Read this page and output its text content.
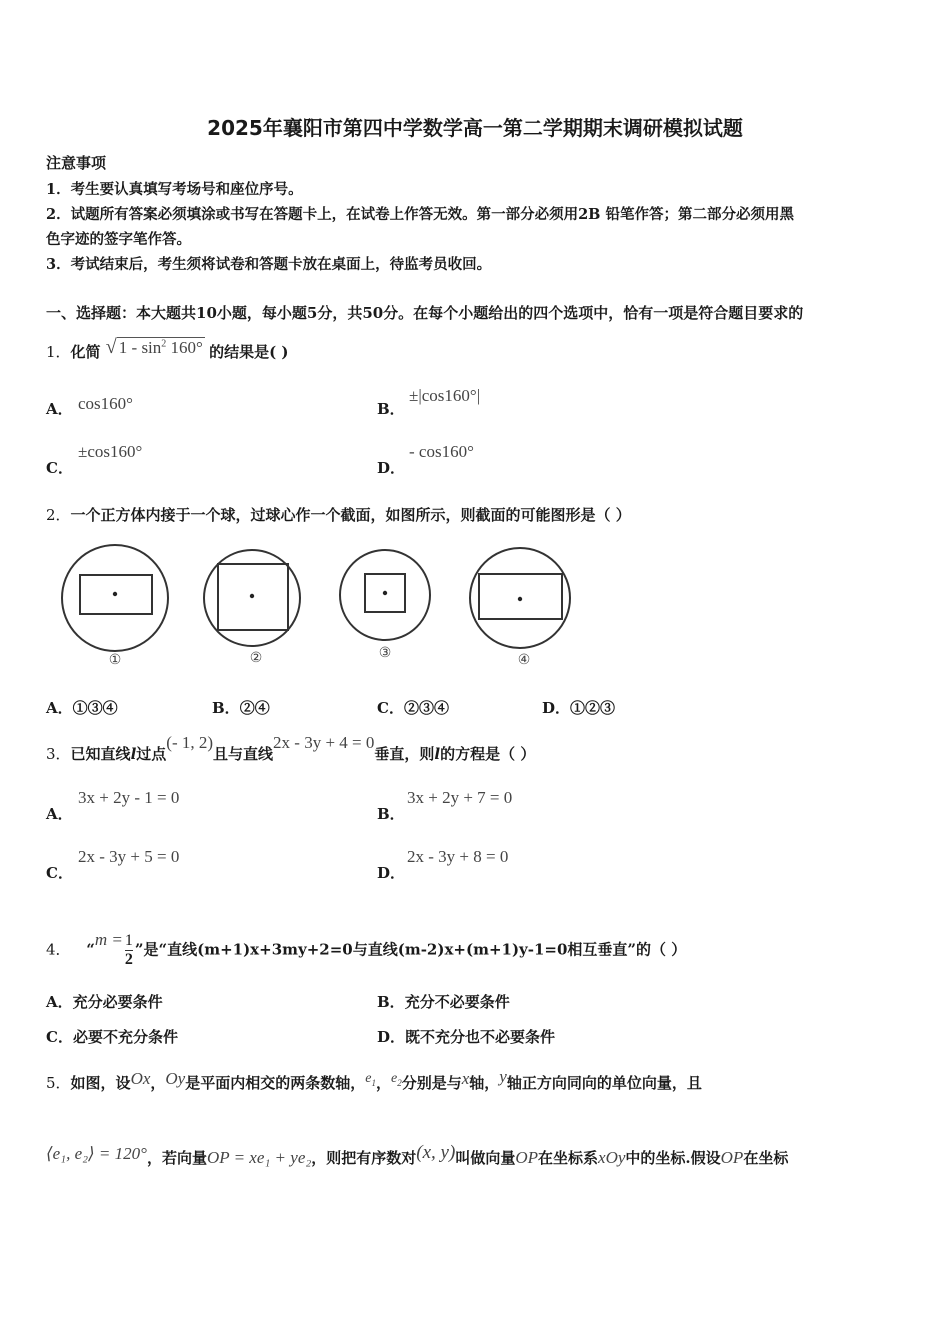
2025年襄阳市第四中学数学高一第二学期期末调研模拟试题
注意事项
1．考生要认真填写考场号和座位序号。
2．试题所有答案必须填涂或书写在答题卡上，在试卷上作答无效。第一部分必须用2B 铅笔作答；第二部分必须用黑
色字迹的签字笔作答。
3．考试结束后，考生须将试卷和答题卡放在桌面上，待监考员收回。
一、选择题：本大题共10小题，每小题5分，共50分。在每个小题给出的四个选项中，恰有一项是符合题目要求的
1．化简 √ $1 - \sin^2 160^\circ$ 的结果是( )
A． cos160°	B．
±|cos160°|
C．
±cos160°
D．
- cos160°
2．一个正方体内接于一个球，过球心作一个截面，如图所示，则截面的可能图形是（ ）
①	②	③	④
A．①③④	B．②④	C．②③④	D．①②③
3．已知直线l过点(- 1, 2)且与直线2x - 3y + 4 = 0垂直，则l的方程是（ ）
A．
3x + 2y - 1 = 0
B．
3x + 2y + 7 = 0
C．
2x - 3y + 5 = 0
D．
2x - 3y + 8 = 0
4． “$m = \frac{1}{2}$ ”是“直线(m+1)x+3my+2=0与直线(m-2)x+(m+1)y-1=0相互垂直”的（ ）
A．充分必要条件	B．充分不必要条件
C．必要不充分条件	D．既不充分也不必要条件
5．如图，设Ox，Oy是平面内相交的两条数轴，$e_1$，$e_2$分别是与x轴，y轴正方向同向的单位向量，且
⟨e₁, e₂⟩ = 120°，若向量OP = xe₁ + ye₂，则把有序数对(x, y)叫做向量OP在坐标系xOy中的坐标.假设OP在坐标
